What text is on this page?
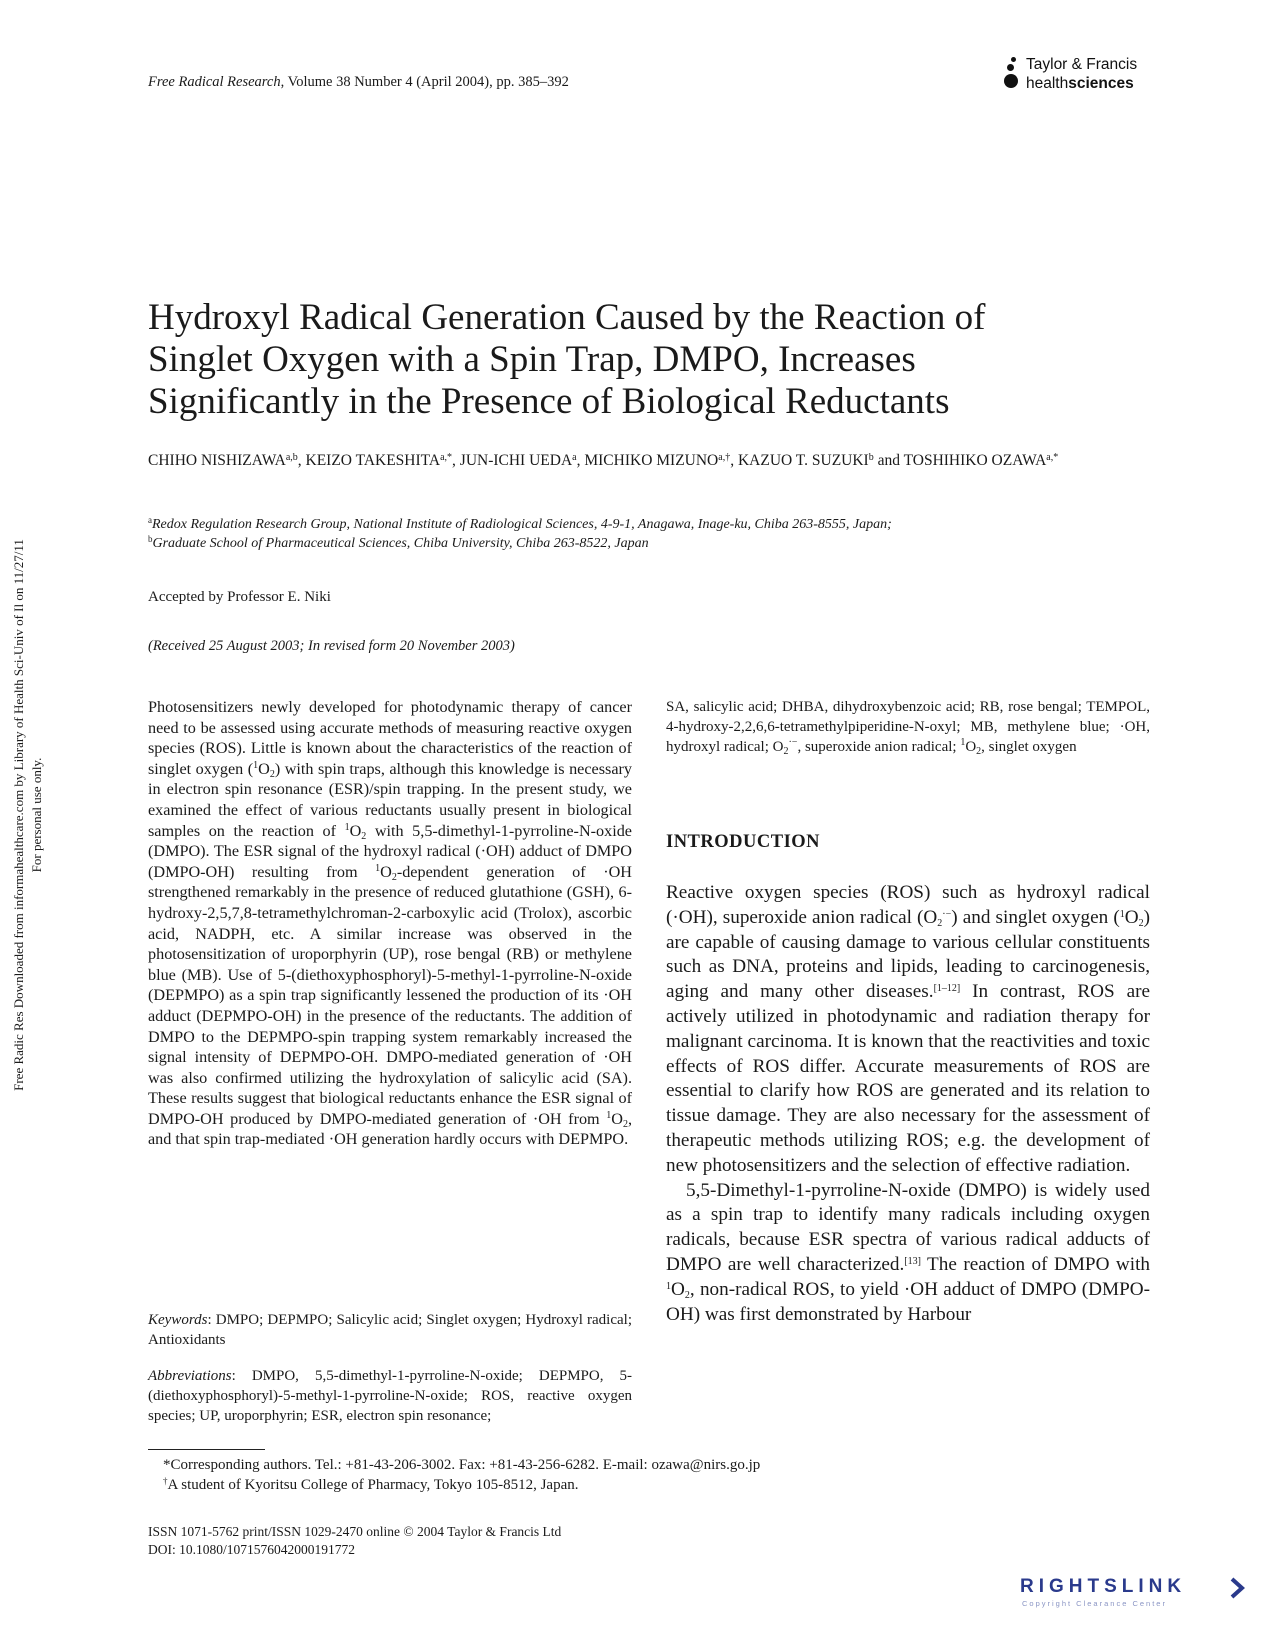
Free Radic Res Downloaded from informahealthcare.com by Library of Health Sci-Univ of Il on 11/27/11 For personal use only.
Free Radical Research, Volume 38 Number 4 (April 2004), pp. 385–392
Taylor & Francis
healthsciences
Hydroxyl Radical Generation Caused by the Reaction of
Singlet Oxygen with a Spin Trap, DMPO, Increases
Significantly in the Presence of Biological Reductants
CHIHO NISHIZAWA$^{a,b}$, KEIZO $TAKESHITA^{a,*}$, JUN-ICHI UEDA$^a$, MICHIKO $MIZUNO^{a,\dagger}$, KAZUO T. SUZUKI$^b$ and TOSHIHIKO $OZAWA^{a,*}$
$^a$Redox Regulation Research Group, National Institute of Radiological Sciences, 4-9-1, Anagawa, Inage-ku, Chiba 263-8555, Japan;
$^b$Graduate School of Pharmaceutical Sciences, Chiba University, Chiba 263-8522, Japan
Accepted by Professor E. Niki
(Received 25 August 2003; In revised form 20 November 2003)
Photosensitizers newly developed for photodynamic therapy of cancer need to be assessed using accurate methods of measuring reactive oxygen species (ROS). Little is known about the characteristics of the reaction of singlet oxygen $(^1O_2)$ with spin traps, although this knowledge is necessary in electron spin resonance (ESR)/spin trapping. In the present study, we examined the effect of various reductants usually present in biological samples on the reaction of $^1O_2$ with 5,5-dimethyl-1-pyrroline-N-oxide (DMPO). The ESR signal of the hydroxyl radical (·OH) adduct of DMPO (DMPO-OH) resulting from $^1O_2$-dependent generation of ·OH strengthened remarkably in the presence of reduced glutathione (GSH), 6-hydroxy-2,5,7,8-tetramethylchroman-2-carboxylic acid (Trolox), ascorbic acid, NADPH, etc. A similar increase was observed in the photosensitization of uroporphyrin (UP), rose bengal (RB) or methylene blue (MB). Use of 5-(diethoxyphosphoryl)-5-methyl-1-pyrroline-N-oxide (DEPMPO) as a spin trap significantly lessened the production of its ·OH adduct (DEPMPO-OH) in the presence of the reductants. The addition of DMPO to the DEPMPO-spin trapping system remarkably increased the signal intensity of DEPMPO-OH. DMPO-mediated generation of ·OH was also confirmed utilizing the hydroxylation of salicylic acid (SA). These results suggest that biological reductants enhance the ESR signal of DMPO-OH produced by DMPO-mediated generation of ·OH from $^1O_2$, and that spin trap-mediated ·OH generation hardly occurs with DEPMPO.
Keywords: DMPO; DEPMPO; Salicylic acid; Singlet oxygen; Hydroxyl radical; Antioxidants
Abbreviations: DMPO, 5,5-dimethyl-1-pyrroline-N-oxide; DEPMPO, 5-(diethoxyphosphoryl)-5-methyl-1-pyrroline-N-oxide; ROS, reactive oxygen species; UP, uroporphyrin; ESR, electron spin resonance;
SA, salicylic acid; DHBA, dihydroxybenzoic acid; RB, rose bengal; TEMPOL, 4-hydroxy-2,2,6,6-tetramethylpiperidine-N-oxyl; MB, methylene blue; ·OH, hydroxyl radical; $O_2^{\cdot-}$, superoxide anion radical; $^1O_2$, singlet oxygen
INTRODUCTION

Reactive oxygen species (ROS) such as hydroxyl radical (·OH), superoxide anion radical $(O_2^{\cdot-})$ and singlet oxygen $(^1O_2)$ are capable of causing damage to various cellular constituents such as DNA, proteins and lipids, leading to carcinogenesis, aging and many other diseases.[1–12] In contrast, ROS are actively utilized in photodynamic and radiation therapy for malignant carcinoma. It is known that the reactivities and toxic effects of ROS differ. Accurate measurements of ROS are essential to clarify how ROS are generated and its relation to tissue damage. They are also necessary for the assessment of therapeutic methods utilizing ROS; e.g. the development of new photosensitizers and the selection of effective radiation.

5,5-Dimethyl-1-pyrroline-N-oxide (DMPO) is widely used as a spin trap to identify many radicals including oxygen radicals, because ESR spectra of various radical adducts of DMPO are well characterized.[13] The reaction of DMPO with $^1O_2$, non-radical ROS, to yield ·OH adduct of DMPO (DMPO-OH) was first demonstrated by Harbour

*Corresponding authors. Tel.: +81-43-206-3002. Fax: +81-43-256-6282. E-mail: ozawa@nirs.go.jp
†A student of Kyoritsu College of Pharmacy, Tokyo 105-8512, Japan.
ISSN 1071-5762 print/ISSN 1029-2470 online © 2004 Taylor & Francis Ltd
DOI: 10.1080/1071576042000191772
RIGHTSLINK
Copyright Clearance Center
